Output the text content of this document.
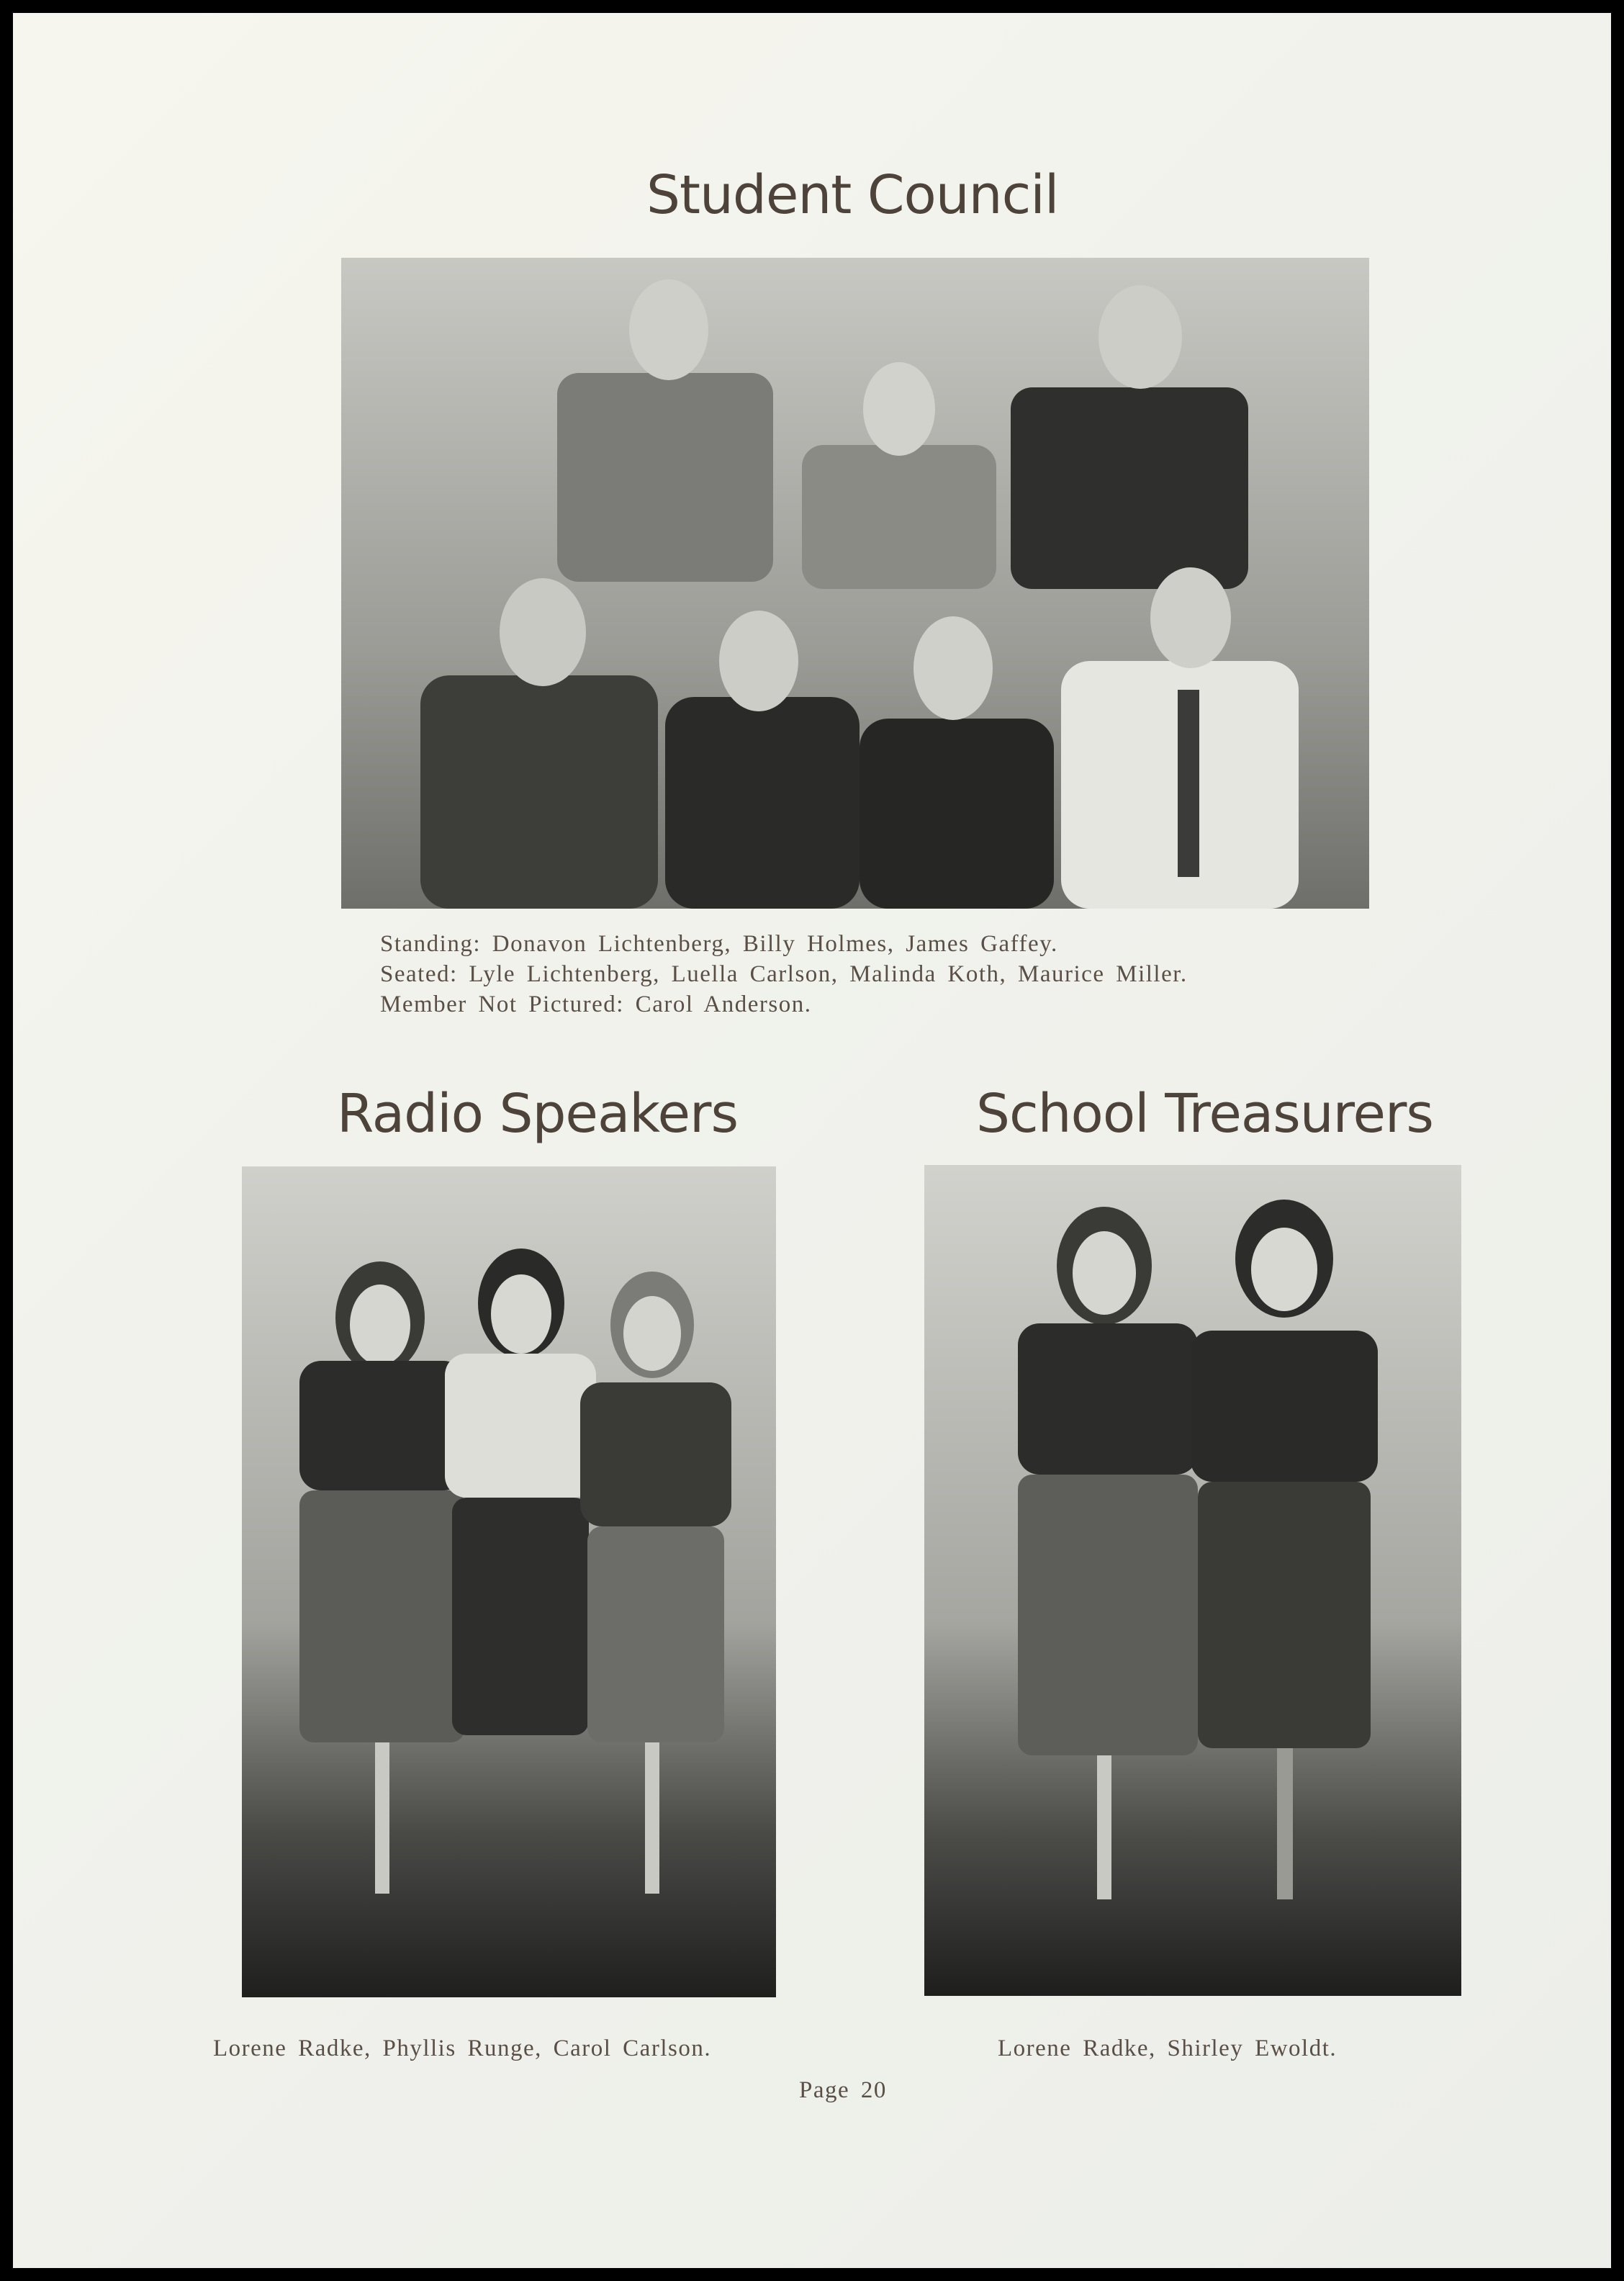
Student Council
Standing: Donavon Lichtenberg, Billy Holmes, James Gaffey.
Seated: Lyle Lichtenberg, Luella Carlson, Malinda Koth, Maurice Miller.
Member Not Pictured: Carol Anderson.
Radio Speakers
Lorene Radke, Phyllis Runge, Carol Carlson.
School Treasurers
Lorene Radke, Shirley Ewoldt.
Page 20
